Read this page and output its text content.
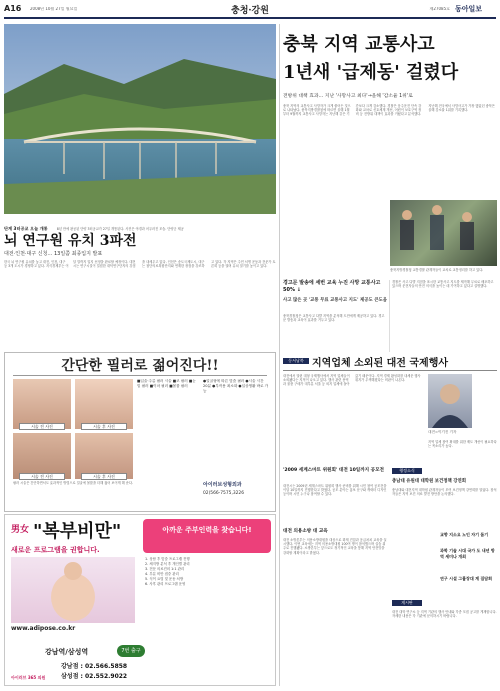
A16 2008년 10월 27일 월요일	충청·강원	제27085호 동아일보
단계 3터공교 오늘 개통	8년 만에 완공된 단양 3터공교가 27일 개통된다. 사진은 야경과 어우러진 모습. 단양군 제공
뇌 연구원 유치 3파전
대전·인천·대구 신청… 13일쯤 최종입지 발표
한국 뇌 연구원 유치를 놓고 대전, 인천, 대구 등 3개 도시가 경쟁하고 있다. 지식경제부는 이달 말까지 입지 선정을 완료할 예정이다. 대전시는 연구시설이 밀집한 대덕연구단지의 강점을 내세우고 있다. 인천은 송도국제도시, 대구는 첨단의료복합단지와 연계한 장점을 강조하고 있다. 각 지역은 주민 서명 운동과 전문가 토론회 등을 열며 유치 열기를 높이고 있다.
충북 지역 교통사고
1년새 '급제동' 걸렸다
전방위 대책 효과… 지난 '사망사고 최다'→올해 '감소율 1위'로
충북 지역의 교통사고 사망자가 크게 줄어든 것으로 나타났다. 충북지방경찰청에 따르면 올해 1월부터 9월까지 교통사고 사망자는 지난해 같은 기간보다 크게 감소했다. 경찰은 음주운전 단속 강화와 교차로 신호체계 개선, 어린이 보호구역 정비 등 전방위 대책이 효과를 거뒀다고 분석했다. 지난해 전국에서 사망사고가 가장 많았던 충북은 올해 감소율 1위를 기록했다.
충북지방경찰청 교통경찰 관계자들이 교차로 교통정리를 하고 있다.
경고문 발송에 세번 교육 누진 사망 교통사고 50% ↓
사고 많은 곳 '교통 무료 교통사고 지도' 제공도 큰도움

충북경찰청은 교통사고 다발 지역을 분석해 도민에게 제공하고 있다. 경고문 발송과 교육이 효과를 거두고 있다.

경찰은 사고 다발 지점을 표시한 교통사고 지도를 제작해 무료로 배포하고 있으며 운전자들의 안전 의식을 높이는 데 기여하고 있다고 설명했다.

간단한 필러로 젊어진다!!
시술 전 사진	시술 후 사진
시술 전 사진	시술 후 사진
■입술·주름 필러 시술 ■코 필러 ■눈밑 필러 ■이마 필러 ■볼륨 필러
●얼굴형에 따른 맞춤 필러 ●시술 시간 20분 ●부작용 최소화 ●일상생활 바로 가능

필러 시술은 간단하면서도 효과적인 방법으로 얼굴에 볼륨을 더해 젊어 보이게 해 준다.	아이러브성형외과
02)566-7575,3226
동서남북 지역업체 소외된 대전 국제행사
대전에서 열린 대형 국제행사에서 지역 업체들이 소외됐다는 지적이 나오고 있다. 행사 관련 용역과 물품 구매가 대부분 서울 등 외지 업체에 돌아갔기 때문이다. 지역 경제 활성화를 내세운 행사 취지가 무색해졌다는 비판이 나온다.
대전=이기진 기자

지역 업체 참여 확대를 위한 제도 개선이 필요하다는 목소리가 높다.

男女 "복부비만"
새로운 프로그램을 권합니다.
www.adipose.co.kr
아까운 주부인력을 찾습니다!

1. 상담 후 맞춤 프로그램 진행

2. 체지방 분석 후 개인별 관리

3. 전문 의료진의 1:1 관리

4. 부분 비만 집중 관리

5. 식이 요법 및 운동 처방

6. 사후 관리 프로그램 운영

강남역/삼성역	7번 출구
강남점 : 02.566.5858
삼성점 : 02.552.9022
아이러브 365 의원
'2009 세계스마트 위원회' 대전 10일까지 공모전
대전시는 2009년 세계스마트 위원회 행사 준비를 위해 시민 참여 공모전을 이달 10일까지 진행한다고 밝혔다. 공모 분야는 홍보 문구와 캐릭터 디자인 등이며 시민 누구나 참여할 수 있다.
대전 의용소방 대 교육

대전 소방본부는 의용소방대원을 대상으로 화재 진압과 응급처치 교육을 실시했다. 이번 교육에는 지역 의용소방대원 100여 명이 참석했으며 실습 위주로 진행됐다. 소방본부는 앞으로도 정기적인 교육을 통해 지역 안전망을 강화할 계획이라고 밝혔다.

행정소식
충남대 유원대 대학원 보건정책 강연회
충남대와 대전지역 대학원 관계자들이 모여 보건정책 강연회를 열었다. 참석자들은 지역 보건 의료 발전 방안을 논의했다.
게시판

대전 대학 연구소 등 지역 기관의 행사 안내와 각종 모집 공고를 게재합니다. 자세한 내용은 각 기관에 문의하시기 바랍니다.

교향 지소요 노인 자기 돕기
과학 기술 시대 국가 도 내년 방역 세미나 개최
연구 시설 그룹장대 계 집담회
